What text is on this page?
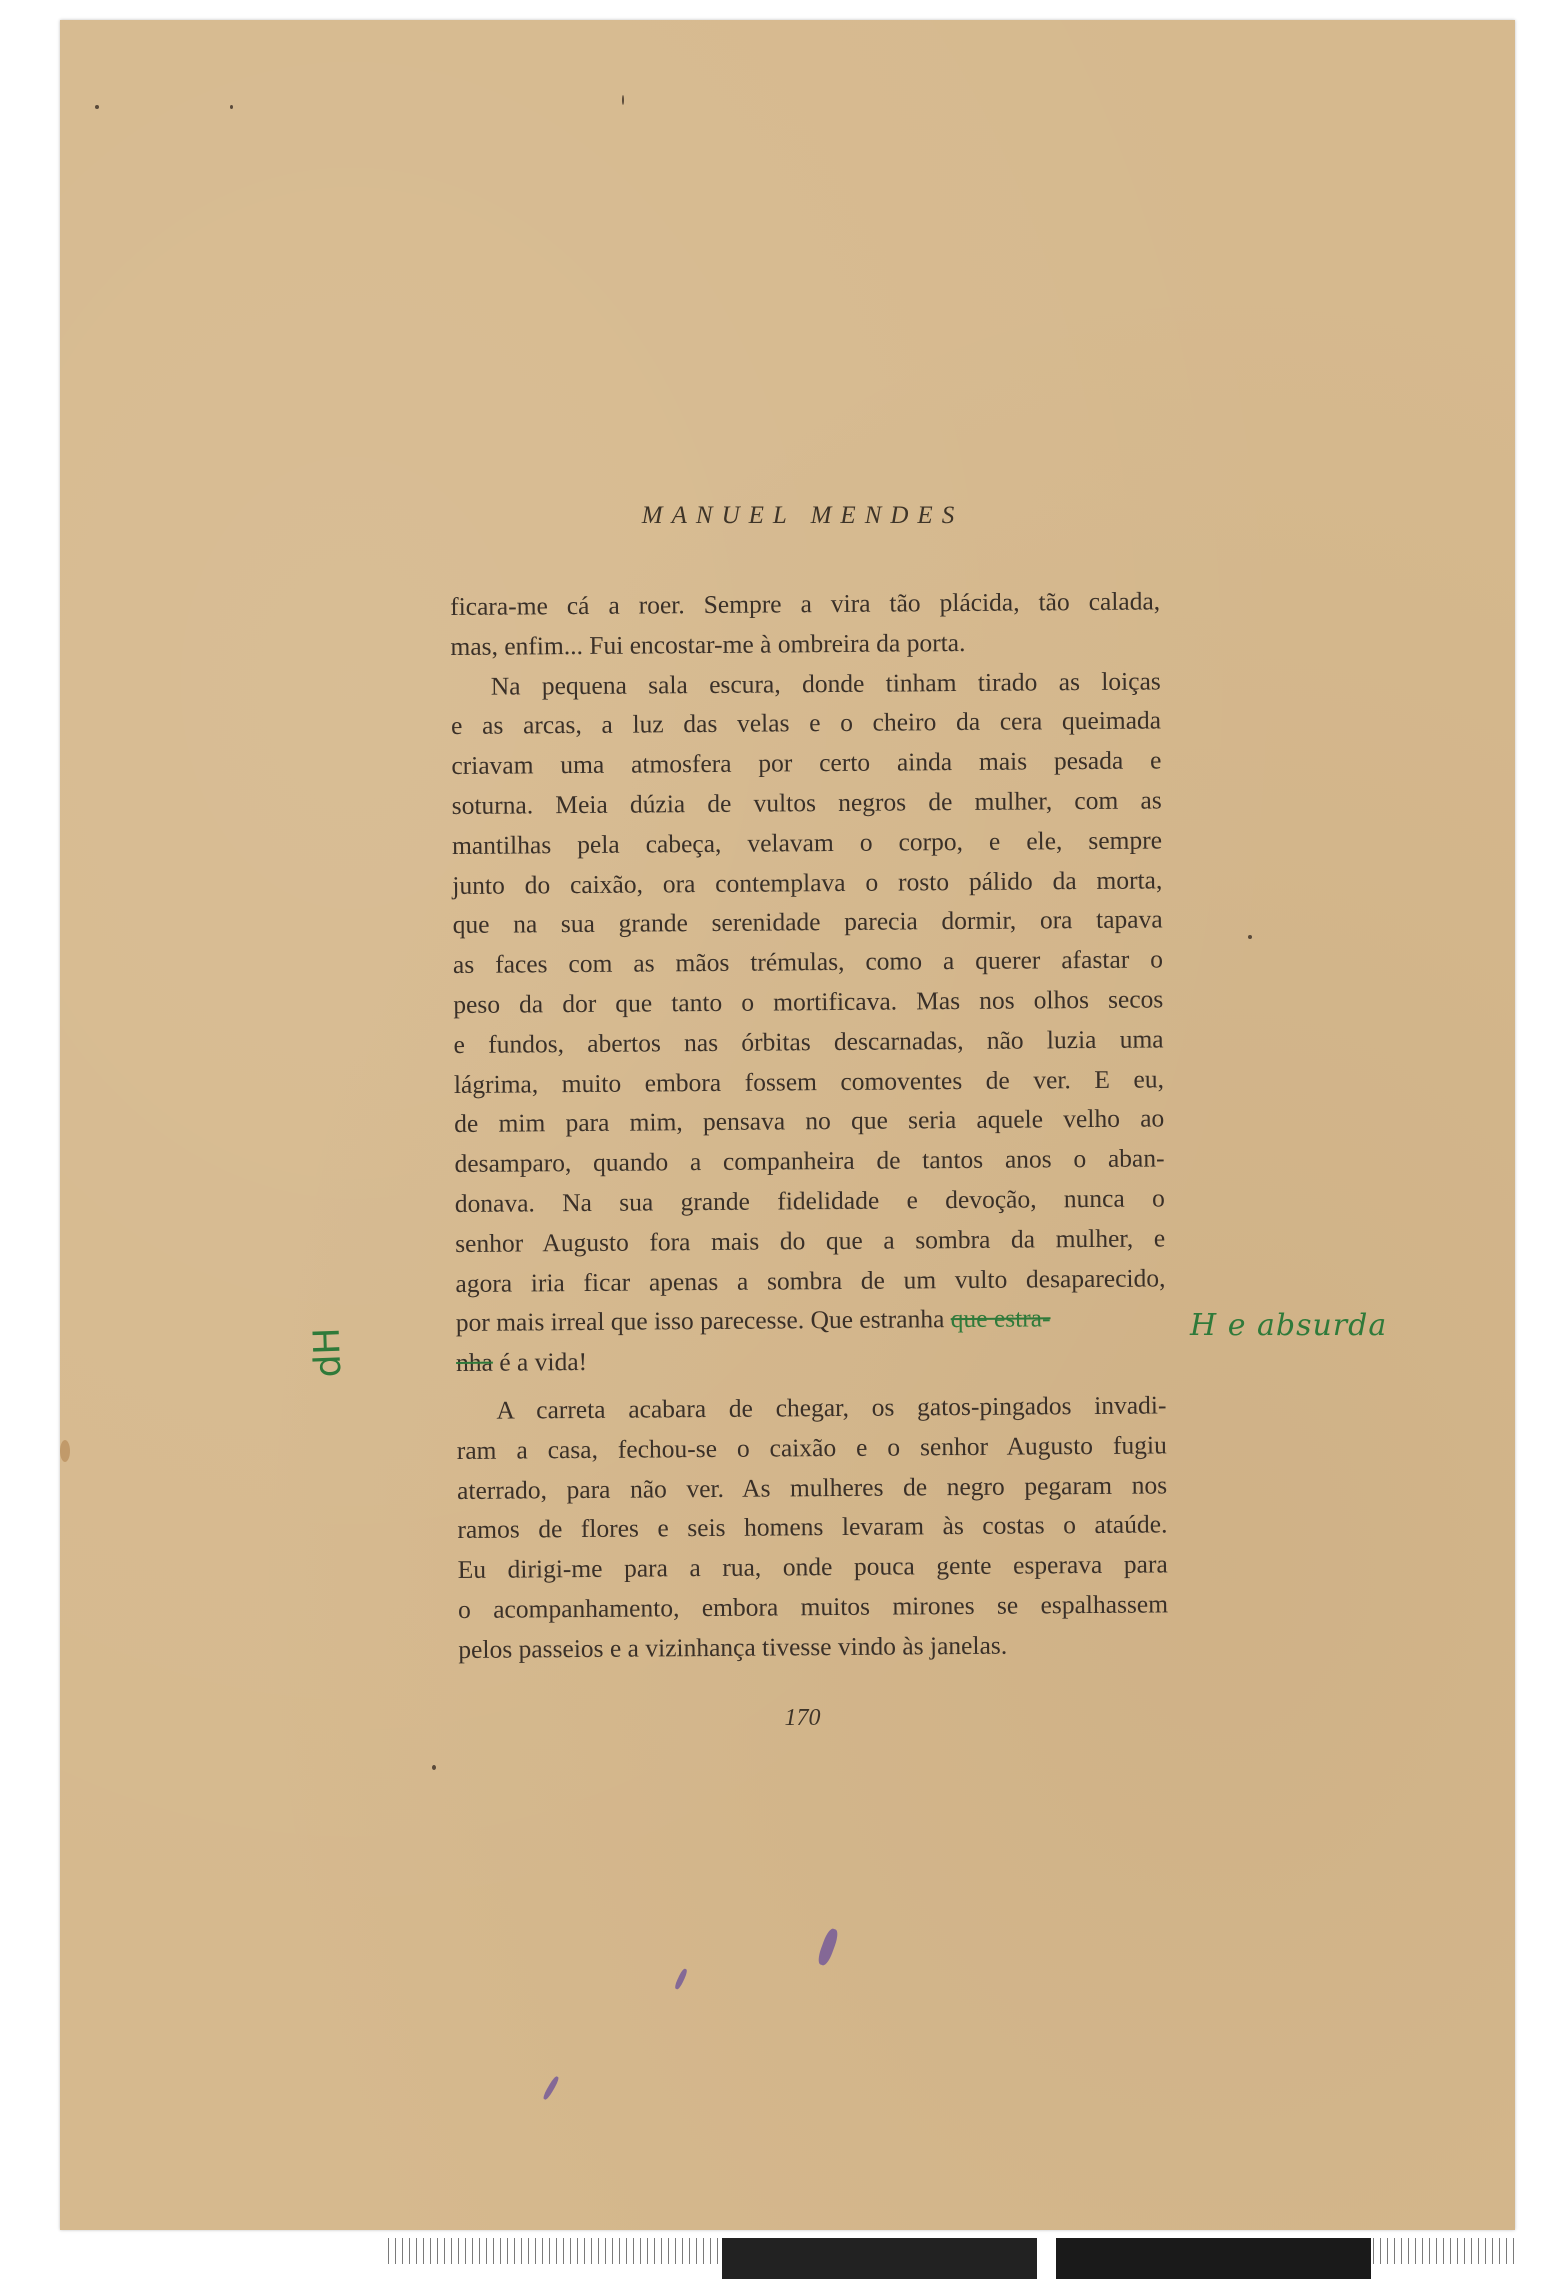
MANUEL MENDES
ficara-me cá a roer. Sempre a vira tão plácida, tão calada,
mas, enfim... Fui encostar-me à ombreira da porta.
Na pequena sala escura, donde tinham tirado as loiças
e as arcas, a luz das velas e o cheiro da cera queimada
criavam uma atmosfera por certo ainda mais pesada e
soturna. Meia dúzia de vultos negros de mulher, com as
mantilhas pela cabeça, velavam o corpo, e ele, sempre
junto do caixão, ora contemplava o rosto pálido da morta,
que na sua grande serenidade parecia dormir, ora tapava
as faces com as mãos trémulas, como a querer afastar o
peso da dor que tanto o mortificava. Mas nos olhos secos
e fundos, abertos nas órbitas descarnadas, não luzia uma
lágrima, muito embora fossem comoventes de ver. E eu,
de mim para mim, pensava no que seria aquele velho ao
desamparo, quando a companheira de tantos anos o aban-
donava. Na sua grande fidelidade e devoção, nunca o
senhor Augusto fora mais do que a sombra da mulher, e
agora iria ficar apenas a sombra de um vulto desaparecido,
por mais irreal que isso parecesse. Que estranha que estra-
nha é a vida!
A carreta acabara de chegar, os gatos-pingados invadi-
ram a casa, fechou-se o caixão e o senhor Augusto fugiu
aterrado, para não ver. As mulheres de negro pegaram nos
ramos de flores e seis homens levaram às costas o ataúde.
Eu dirigi-me para a rua, onde pouca gente esperava para
o acompanhamento, embora muitos mirones se espalhassem
pelos passeios e a vizinhança tivesse vindo às janelas.
170
dH
H e absurda
